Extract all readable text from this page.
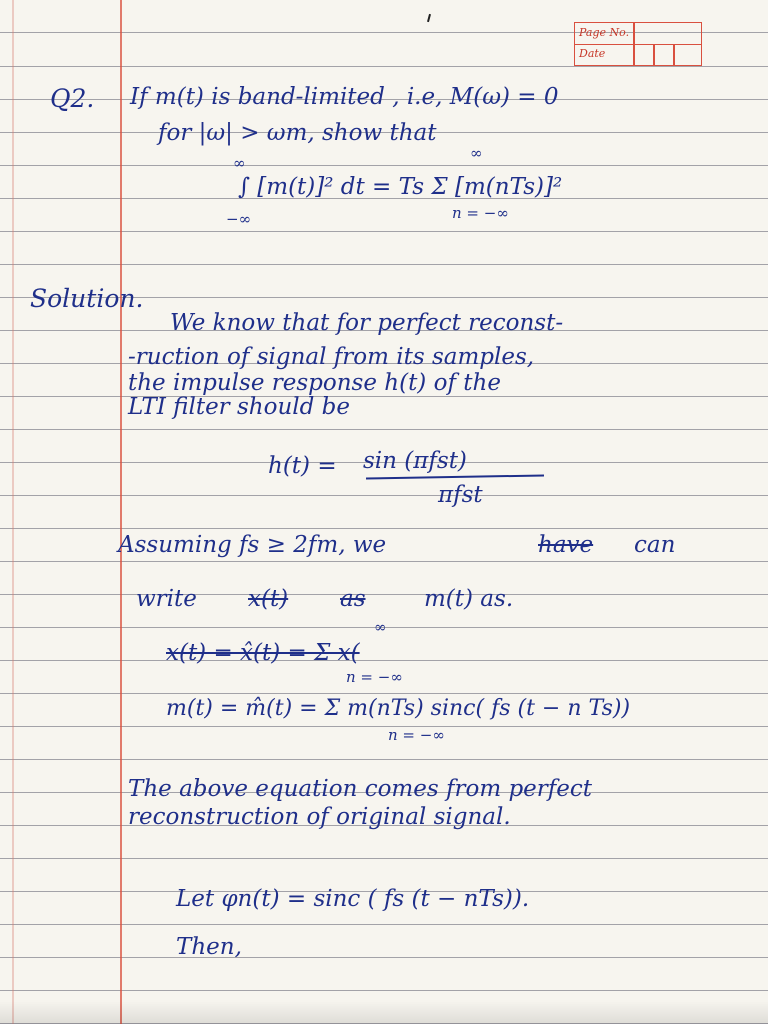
Page No.
Date
Q2. If m(t) is band-limited , i.e, M(ω) = 0
for |ω| > ωm, show that
∞
−∞
∫ [m(t)]² dt = Ts Σ [m(nTs)]²
∞
n = −∞
Solution.
We know that for perfect reconst-
-ruction of signal from its samples,
the impulse response h(t) of the
LTI filter should be
h(t) = sin (πfst)
πfst
Assuming fs ≥ 2fm, we	have can
write x(t) as	m(t) as.
∞
x(t) = x̂(t) = Σ x(
n = −∞
m(t) = m̂(t) = Σ m(nTs) sinc( fs (t − n Ts))
n = −∞
The above equation comes from perfect
reconstruction of original signal.
Let φn(t) = sinc ( fs (t − nTs)).
Then,
